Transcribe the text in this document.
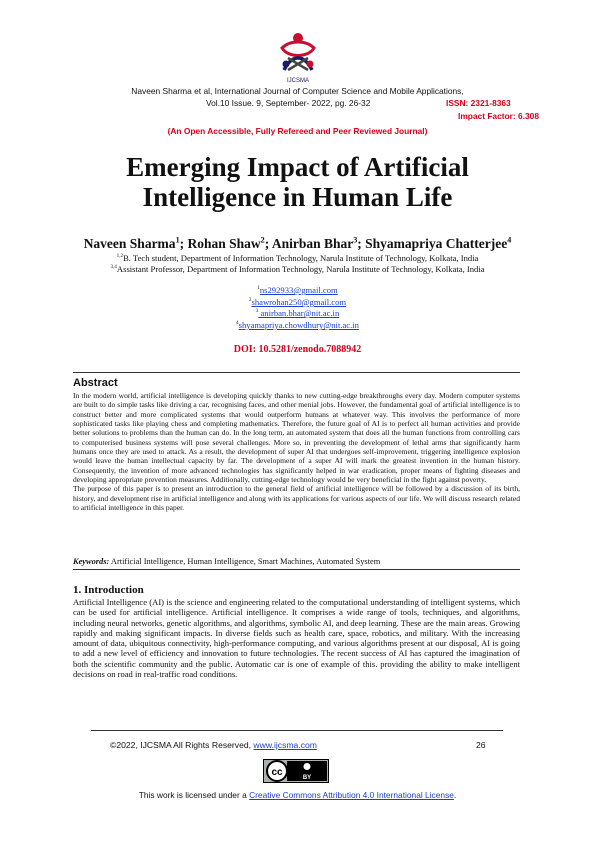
IJCSMA
Naveen Sharma et al, International Journal of Computer Science and Mobile Applications,
Vol.10 Issue. 9, September- 2022, pg. 26-32	ISSN: 2321-8363
Impact Factor: 6.308
(An Open Accessible, Fully Refereed and Peer Reviewed Journal)
Emerging Impact of Artificial
Intelligence in Human Life
Naveen Sharma$^1$; Rohan Shaw$^2$; Anirban Bhar$^3$; Shyamapriya Chatterjee$^4$
$^{1,2}$B. Tech student, Department of Information Technology, Narula Institute of Technology, Kolkata, India
$^{3,4}$Assistant Professor, Department of Information Technology, Narula Institute of Technology, Kolkata, India
$^1$ns292933@gmail.com
$^2$shawrohan250@gmail.com
$^3$ anirban.bhar@nit.ac.in
$^4$shyamapriya.chowdhury@nit.ac.in
DOI: 10.5281/zenodo.7088942
Abstract

In the modern world, artificial intelligence is developing quickly thanks to new cutting-edge breakthroughs every day. Modern computer systems are built to do simple tasks like driving a car, recognising faces, and other menial jobs. However, the fundamental goal of artificial intelligence is to construct better and more complicated systems that would outperform humans at whatever way. This involves the performance of more sophisticated tasks like playing chess and completing mathematics. Therefore, the future goal of AI is to perfect all human activities and provide better solutions to problems than the human can do. In the long term, an automated system that does all the human functions from controlling cars to computerised business systems will pose several challenges. More so, in preventing the development of lethal arms that significantly harm humans once they are used to attack. As a result, the development of super AI that undergoes self-improvement, triggering intelligence explosion would leave the human intellectual capacity by far. The development of a super AI will mark the greatest invention in the human history. Consequently, the invention of more advanced technologies has significantly helped in war eradication, proper means of fighting diseases and developing appropriate prevention measures. Additionally, cutting-edge technology would be very beneficial in the fight against poverty.

The purpose of this paper is to present an introduction to the general field of artificial intelligence will be followed by a discussion of its birth, history, and development rise in artificial intelligence and along with its applications for various aspects of our life. We will discuss research related to artificial intelligence in this paper.

Keywords: Artificial Intelligence, Human Intelligence, Smart Machines, Automated System
1. Introduction
Artificial Intelligence (AI) is the science and engineering related to the computational understanding of intelligent systems, which can be used for artificial intelligence. Artificial intelligence. It comprises a wide range of tools, techniques, and algorithms, including neural networks, genetic algorithms, and algorithms, symbolic AI, and deep learning. These are the main areas. Growing rapidly and making significant impacts. In diverse fields such as health care, space, robotics, and military. With the increasing amount of data, ubiquitous connectivity, high-performance computing, and various algorithms present at our disposal, AI is going to add a new level of efficiency and innovation to future technologies. The recent success of AI has captured the imagination of both the scientific community and the public. Automatic car is one of example of this. providing the ability to make intelligent decisions on road in real-traffic road conditions.
©2022, IJCSMA All Rights Reserved, www.ijcsma.com	26
cc	BY
This work is licensed under a Creative Commons Attribution 4.0 International License.
